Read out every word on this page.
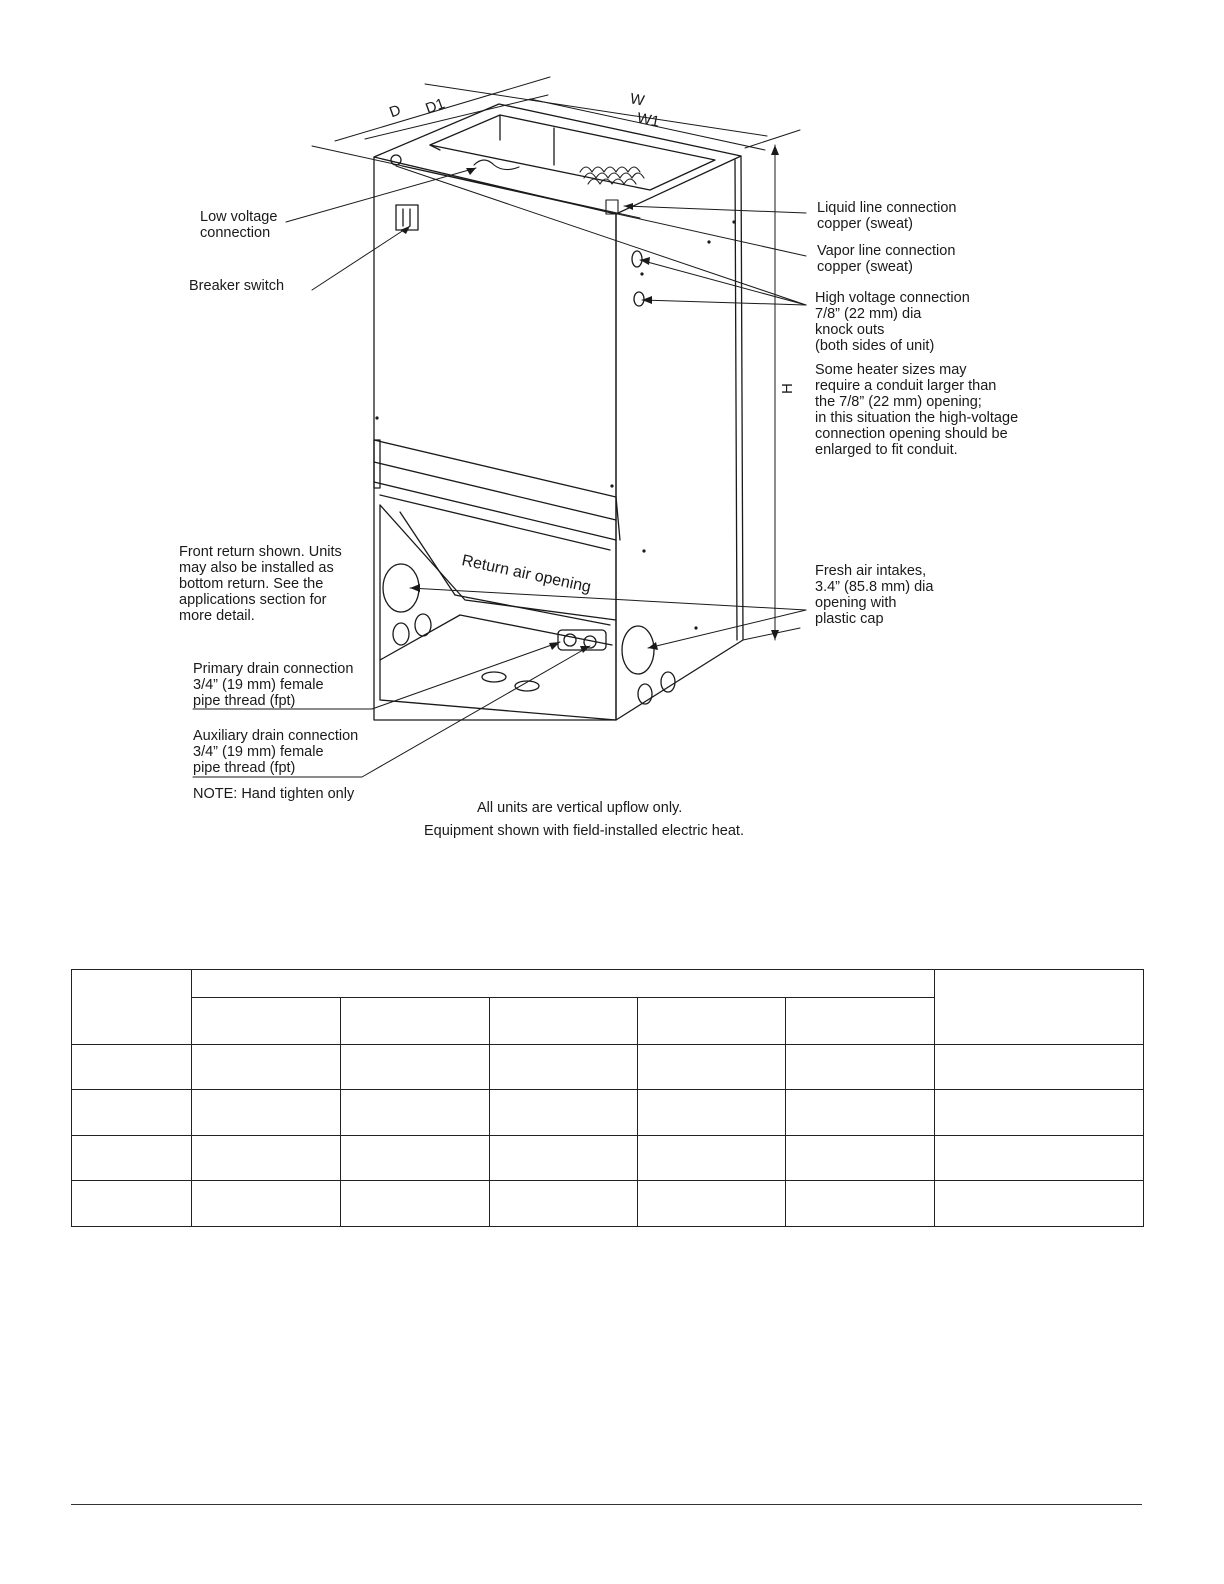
W
W1
D D1
H
Return air opening
Low voltage
connection
Breaker switch
Liquid line connection
copper (sweat)
Vapor line connection
copper (sweat)
High voltage connection
7/8” (22 mm) dia
knock outs
(both sides of unit)
Some heater sizes may
require a conduit larger than
the 7/8” (22 mm) opening;
in this situation the high-voltage
connection opening should be
enlarged to fit conduit.
Front return shown. Units
may also be installed as
bottom return. See the
applications section for
more detail.
Fresh air intakes,
3.4” (85.8 mm) dia
opening with
plastic cap
Primary drain connection
3/4” (19 mm) female
pipe thread (fpt)
Auxiliary drain connection
3/4” (19 mm) female
pipe thread (fpt)
NOTE: Hand tighten only
All units are vertical upflow only.
Equipment shown with field-installed electric heat.
